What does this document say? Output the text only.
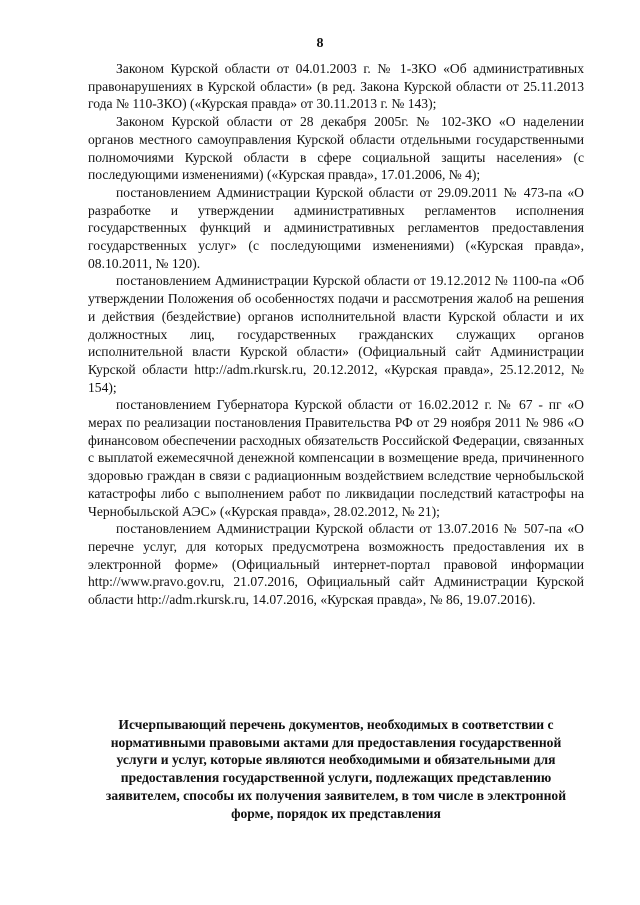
8

Законом Курской области от 04.01.2003 г. № 1-ЗКО «Об административных правонарушениях в Курской области» (в ред. Закона Курской области от 25.11.2013 года № 110-ЗКО) («Курская правда» от 30.11.2013 г. № 143);

Законом Курской области от 28 декабря 2005г. № 102-ЗКО «О наделении органов местного самоуправления Курской области отдельными государственными полномочиями Курской области в сфере социальной защиты населения» (с последующими изменениями) («Курская правда», 17.01.2006, № 4);

постановлением Администрации Курской области от 29.09.2011 № 473-па «О разработке и утверждении административных регламентов исполнения государственных функций и административных регламентов предоставления государственных услуг» (с последующими изменениями) («Курская правда», 08.10.2011, № 120).

постановлением Администрации Курской области от 19.12.2012 № 1100-па «Об утверждении Положения об особенностях подачи и рассмотрения жалоб на решения и действия (бездействие) органов исполнительной власти Курской области и их должностных лиц, государственных гражданских служащих органов исполнительной власти Курской области» (Официальный сайт Администрации Курской области http://adm.rkursk.ru, 20.12.2012, «Курская правда», 25.12.2012, № 154);

постановлением Губернатора Курской области от 16.02.2012 г. № 67 - пг «О мерах по реализации постановления Правительства РФ от 29 ноября 2011 № 986 «О финансовом обеспечении расходных обязательств Российской Федерации, связанных с выплатой ежемесячной денежной компенсации в возмещение вреда, причиненного здоровью граждан в связи с радиационным воздействием вследствие чернобыльской катастрофы либо с выполнением работ по ликвидации последствий катастрофы на Чернобыльской АЭС» («Курская правда», 28.02.2012, № 21);

постановлением Администрации Курской области от 13.07.2016 № 507-па «О перечне услуг, для которых предусмотрена возможность предоставления их в электронной форме» (Официальный интернет-портал правовой информации http://www.pravo.gov.ru, 21.07.2016, Официальный сайт Администрации Курской области http://adm.rkursk.ru, 14.07.2016, «Курская правда», № 86, 19.07.2016).

Исчерпывающий перечень документов, необходимых в соответствии с нормативными правовыми актами для предоставления государственной услуги и услуг, которые являются необходимыми и обязательными для предоставления государственной услуги, подлежащих представлению заявителем, способы их получения заявителем, в том числе в электронной форме, порядок их представления
